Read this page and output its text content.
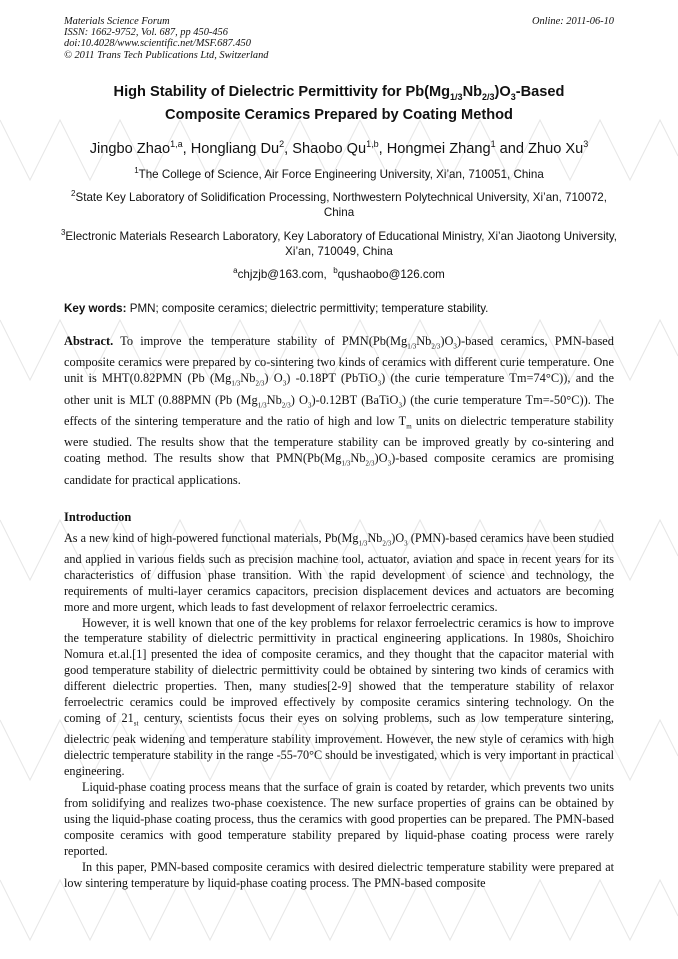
Materials Science Forum
ISSN: 1662-9752, Vol. 687, pp 450-456
doi:10.4028/www.scientific.net/MSF.687.450
© 2011 Trans Tech Publications Ltd, Switzerland
Online: 2011-06-10
High Stability of Dielectric Permittivity for $Pb(Mg_{1/3}Nb_{2/3})O_3$-Based
Composite Ceramics Prepared by Coating Method
Jingbo Zhao$^{1,a}$, Hongliang Du$^2$, Shaobo Qu$^{1,b}$, Hongmei Zhang$^1$ and Zhuo Xu$^3$
$^1$The College of Science, Air Force Engineering University, Xi’an, 710051, China
$^2$State Key Laboratory of Solidification Processing, Northwestern Polytechnical University, Xi’an, 710072, China
$^3$Electronic Materials Research Laboratory, Key Laboratory of Educational Ministry, Xi’an Jiaotong University, Xi’an, 710049, China
$^a$chjzjb@163.com, $^b$qushaobo@126.com
Key words: PMN; composite ceramics; dielectric permittivity; temperature stability.
Abstract. To improve the temperature stability of $PMN(Pb(Mg_{1/3}Nb_{2/3})O_3)$-based ceramics, PMN-based composite ceramics were prepared by co-sintering two kinds of ceramics with different curie temperature. One unit is MHT(0.82PMN (Pb $(Mg_{1/3}Nb_{2/3})$ $O_3$) -0.18PT (PbTiO$_3$) (the curie temperature Tm=74°C)), and the other unit is MLT (0.88PMN (Pb $(Mg_{1/3}Nb_{2/3})$ $O_3)-0.12BT$ (BaTiO$_3$) (the curie temperature Tm=-50°C)). The effects of the sintering temperature and the ratio of high and low $T_m$ units on dielectric temperature stability were studied. The results show that the temperature stability can be improved greatly by co-sintering and coating method. The results show that $PMN(Pb(Mg_{1/3}Nb_{2/3})O_3)$-based composite ceramics are promising candidate for practical applications.
Introduction

As a new kind of high-powered functional materials, $Pb(Mg_{1/3}Nb_{2/3})O_3$ (PMN)-based ceramics have been studied and applied in various fields such as precision machine tool, actuator, aviation and space in recent years for its characteristics of diffusion phase transition. With the rapid development of science and technology, the requirements of multi-layer ceramics capacitors, precision displacement devices and actuators are becoming more and more urgent, which leads to fast development of relaxor ferroelectric ceramics.

However, it is well known that one of the key problems for relaxor ferroelectric ceramics is how to improve the temperature stability of dielectric permittivity in practical engineering applications. In 1980s, Shoichiro Nomura et.al.[1] presented the idea of composite ceramics, and they thought that the capacitor material with good temperature stability of dielectric permittivity could be obtained by sintering two kinds of ceramics with different dielectric properties. Then, many studies[2-9] showed that the temperature stability of relaxor ferroelectric ceramics could be improved effectively by composite ceramics sintering technology. On the coming of $21_{st}$ century, scientists focus their eyes on solving problems, such as low temperature sintering, dielectric peak widening and temperature stability improvement. However, the new style of ceramics with high dielectric temperature stability in the range -55-70°C should be investigated, which is very important in practical engineering.

Liquid-phase coating process means that the surface of grain is coated by retarder, which prevents two units from solidifying and realizes two-phase coexistence. The new surface properties of grains can be obtained by using the liquid-phase coating process, thus the ceramics with good properties can be prepared. The PMN-based composite ceramics with good temperature stability prepared by liquid-phase coating process were rarely reported.

In this paper, PMN-based composite ceramics with desired dielectric temperature stability were prepared at low sintering temperature by liquid-phase coating process. The PMN-based composite
